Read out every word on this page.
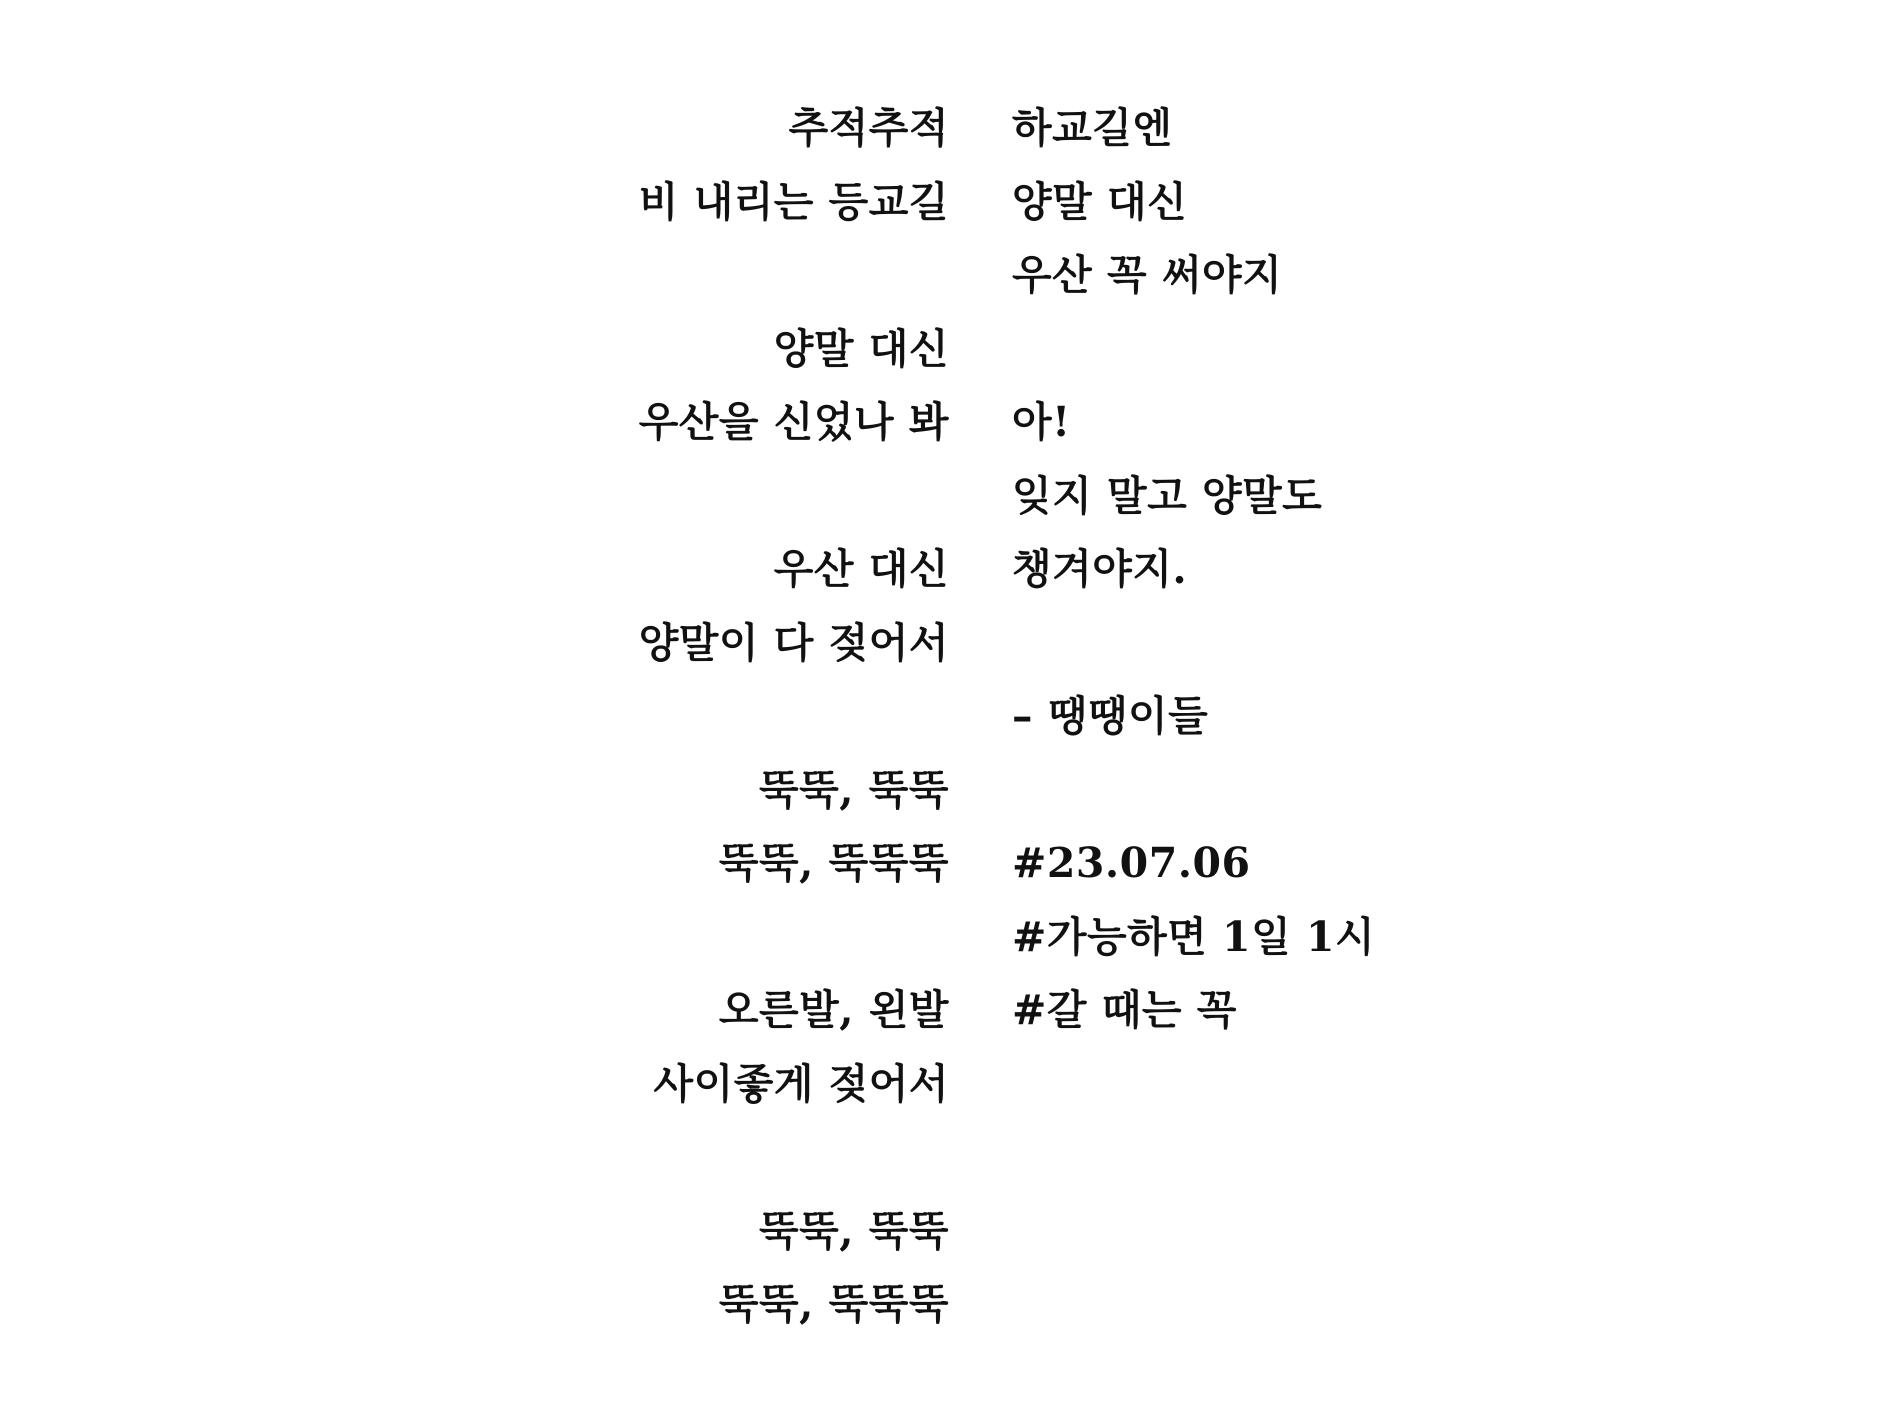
추적추적
비 내리는 등교길
양말 대신
우산을 신었나 봐
우산 대신
양말이 다 젖어서
뚝뚝, 뚝뚝
뚝뚝, 뚝뚝뚝
오른발, 왼발
사이좋게 젖어서
뚝뚝, 뚝뚝
뚝뚝, 뚝뚝뚝
하교길엔
양말 대신
우산 꼭 써야지
아!
잊지 말고 양말도
챙겨야지.
– 땡땡이들
#23.07.06
#가능하면 1일 1시
#갈 때는 꼭
